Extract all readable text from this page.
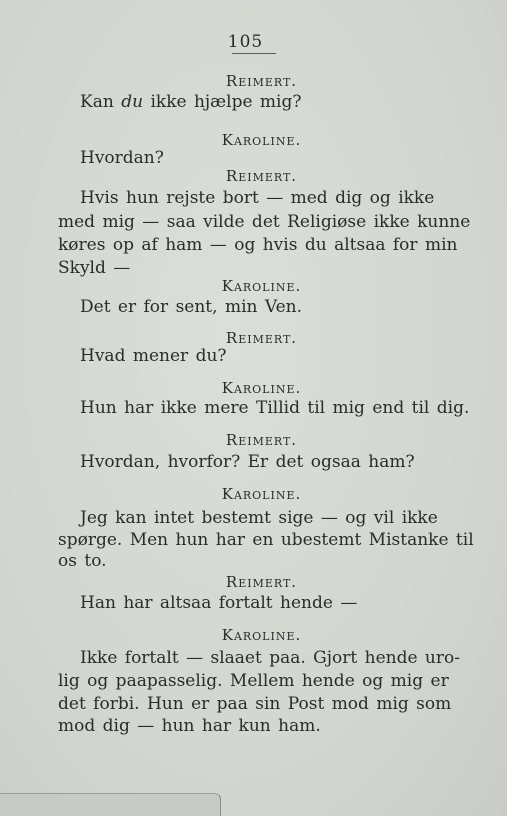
105
Reimert.
Kan du ikke hjælpe mig?
Karoline.
Hvordan?
Reimert.
Hvis hun rejste bort — med dig og ikke
med mig — saa vilde det Religiøse ikke kunne
køres op af ham — og hvis du altsaa for min
Skyld —
Karoline.
Det er for sent, min Ven.
Reimert.
Hvad mener du?
Karoline.
Hun har ikke mere Tillid til mig end til dig.
Reimert.
Hvordan, hvorfor? Er det ogsaa ham?
Karoline.
Jeg kan intet bestemt sige — og vil ikke
spørge. Men hun har en ubestemt Mistanke til
os to.
Reimert.
Han har altsaa fortalt hende —
Karoline.
Ikke fortalt — slaaet paa. Gjort hende uro-
lig og paapasselig. Mellem hende og mig er
det forbi. Hun er paa sin Post mod mig som
mod dig — hun har kun ham.
